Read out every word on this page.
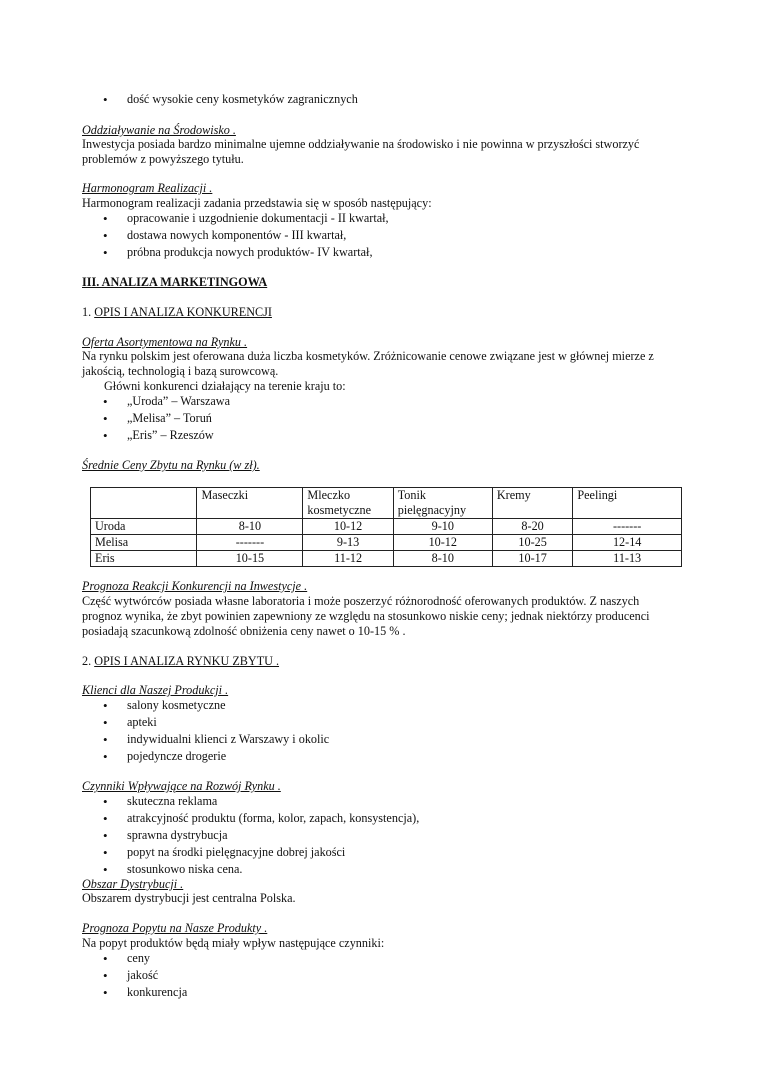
• dość wysokie ceny kosmetyków zagranicznych
Oddziaływanie na Środowisko .
Inwestycja posiada bardzo minimalne ujemne oddziaływanie na środowisko i nie powinna w przyszłości stworzyć problemów z powyższego tytułu.
Harmonogram Realizacji .
Harmonogram realizacji zadania przedstawia się w sposób następujący:
• opracowanie i uzgodnienie dokumentacji - II kwartał,
• dostawa nowych komponentów - III kwartał,
• próbna produkcja nowych produktów- IV kwartał,
III. ANALIZA MARKETINGOWA
1. OPIS I ANALIZA KONKURENCJI
Oferta Asortymentowa na Rynku .
Na rynku polskim jest oferowana duża liczba kosmetyków. Zróżnicowanie cenowe związane jest w głównej mierze z jakością, technologią i bazą surowcową.
Główni konkurenci działający na terenie kraju to:
• „Uroda” – Warszawa
• „Melisa” – Toruń
• „Eris” – Rzeszów
Średnie Ceny Zbytu na Rynku (w zł).
	Maseczki	Mleczko kosmetyczne	Tonik pielęgnacyjny	Kremy	Peelingi
Uroda	8-10	10-12	9-10	8-20	-------
Melisa	-------	9-13	10-12	10-25	12-14
Eris	10-15	11-12	8-10	10-17	11-13
Prognoza Reakcji Konkurencji na Inwestycje .
Część wytwórców posiada własne laboratoria i może poszerzyć różnorodność oferowanych produktów. Z naszych prognoz wynika, że zbyt powinien zapewniony ze względu na stosunkowo niskie ceny; jednak niektórzy producenci posiadają szacunkową zdolność obniżenia ceny nawet o 10-15 % .
2. OPIS I ANALIZA RYNKU ZBYTU .
Klienci dla Naszej Produkcji .
• salony kosmetyczne
• apteki
• indywidualni klienci z Warszawy i okolic
• pojedyncze drogerie
Czynniki Wpływające na Rozwój Rynku .
• skuteczna reklama
• atrakcyjność produktu (forma, kolor, zapach, konsystencja),
• sprawna dystrybucja
• popyt na środki pielęgnacyjne dobrej jakości
• stosunkowo niska cena.
Obszar Dystrybucji .
Obszarem dystrybucji jest centralna Polska.
Prognoza Popytu na Nasze Produkty .
Na popyt produktów będą miały wpływ następujące czynniki:
• ceny
• jakość
• konkurencja
